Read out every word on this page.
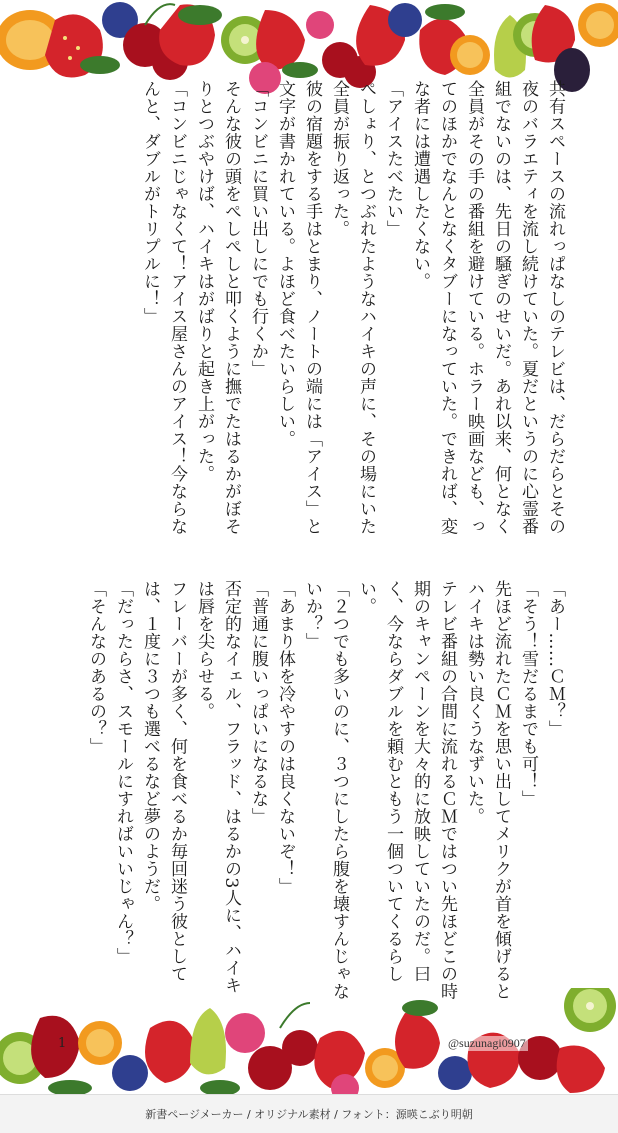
共有スペースの流れっぱなしのテレビは、だらだらとその夜のバラエティを流し続けていた。夏だというのに心霊番組でないのは、先日の騒ぎのせいだ。あれ以来、何となく全員がその手の番組を避けている。ホラー映画なども、ってのほかでなんとなくタブーになっていた。できれば、変な者には遭遇したくない。

「アイスたべたい」

ぺしょり、とつぶれたようなハイキの声に、その場にいた全員が振り返った。

彼の宿題をする手はとまり、ノートの端には「アイス」と文字が書かれている。よほど食べたいらしい。

「コンビニに買い出しにでも行くか」

そんな彼の頭をぺしぺしと叩くように撫でたはるかがぼそりとつぶやけば、ハイキはがばりと起き上がった。

「コンビニじゃなくて！アイス屋さんのアイス！今ならなんと、ダブルがトリプルに！」

「あー……ＣＭ？」

「そう！雪だるまでも可！」

先ほど流れたＣＭを思い出してメリクが首を傾げるとハイキは勢い良くうなずいた。

テレビ番組の合間に流れるＣＭではつい先ほどこの時期のキャンペーンを大々的に放映していたのだ。曰く、今ならダブルを頼むともう一個ついてくるらしい。

「２つでも多いのに、３つにしたら腹を壊すんじゃないか？」

「あまり体を冷やすのは良くないぞ！」

「普通に腹いっぱいになるな」

否定的なイェル、フラッド、はるかの3人に、ハイキは唇を尖らせる。

フレーバーが多く、何を食べるか毎回迷う彼としては、１度に３つも選べるなど夢のようだ。

「だったらさ、スモールにすればいいじゃん？」

「そんなのあるの？」

1	@suzunagi0907
新書ページメーカー / オリジナル素材 / フォント：源暎こぶり明朝
